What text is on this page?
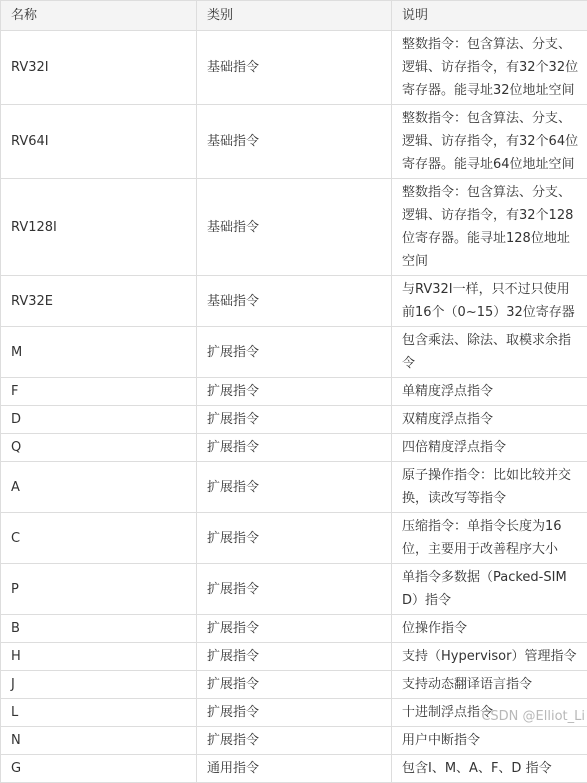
名称	类别	说明
RV32I	基础指令	整数指令：包含算法、分支、逻辑、访存指令，有32个32位寄存器。能寻址32位地址空间
RV64I	基础指令	整数指令：包含算法、分支、逻辑、访存指令，有32个64位寄存器。能寻址64位地址空间
RV128I	基础指令	整数指令：包含算法、分支、逻辑、访存指令，有32个128位寄存器。能寻址128位地址空间
RV32E	基础指令	与RV32I一样，只不过只使用前16个（0~15）32位寄存器
M	扩展指令	包含乘法、除法、取模求余指令
F	扩展指令	单精度浮点指令
D	扩展指令	双精度浮点指令
Q	扩展指令	四倍精度浮点指令
A	扩展指令	原子操作指令：比如比较并交换，读改写等指令
C	扩展指令	压缩指令：单指令长度为16位，主要用于改善程序大小
P	扩展指令	单指令多数据（Packed-SIMD）指令
B	扩展指令	位操作指令
H	扩展指令	支持（Hypervisor）管理指令
J	扩展指令	支持动态翻译语言指令
L	扩展指令	十进制浮点指令
N	扩展指令	用户中断指令
G	通用指令	包含I、M、A、F、D 指令
CSDN @Elliot_Li
